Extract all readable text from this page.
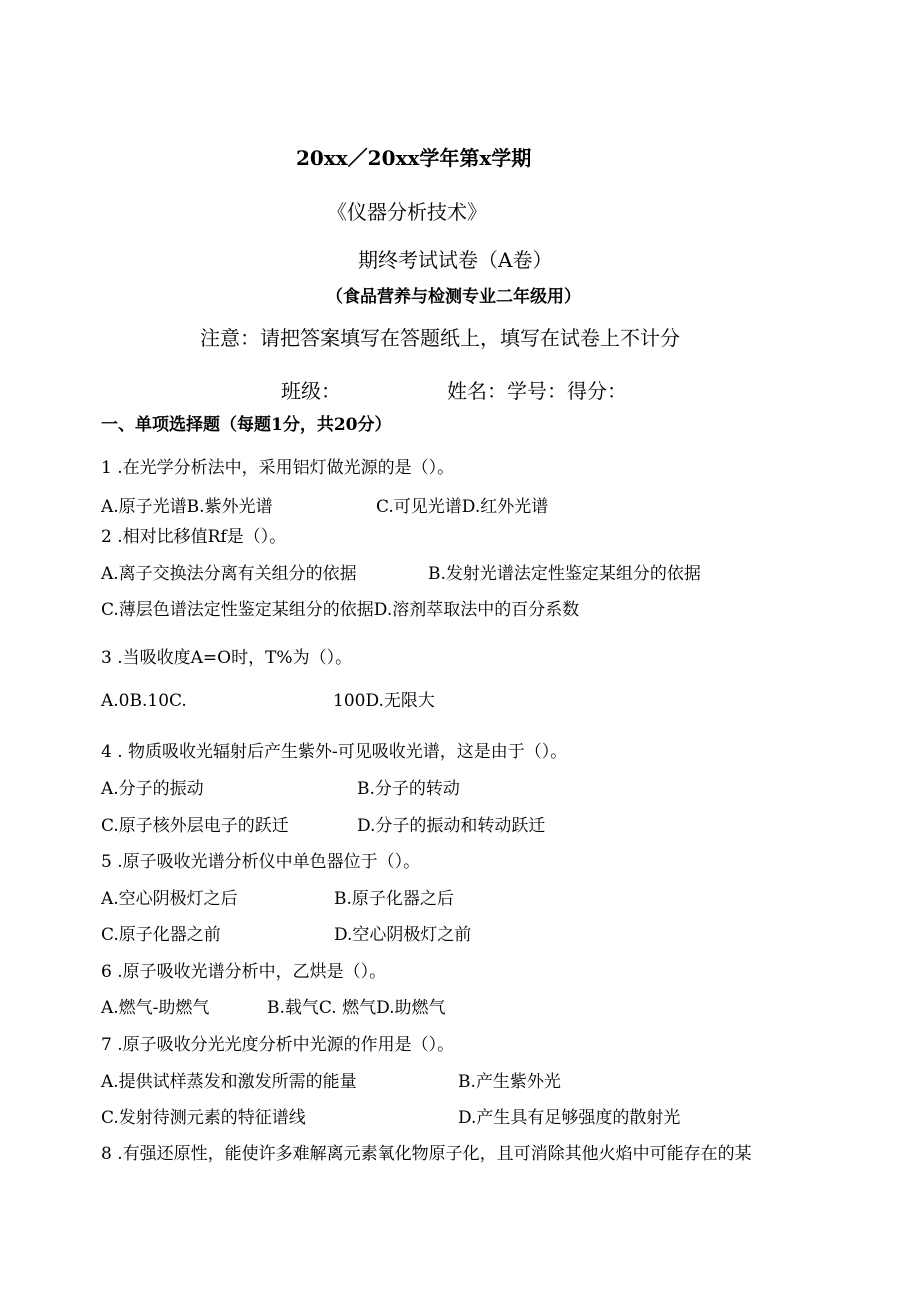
20xx／20xx学年第x学期
《仪器分析技术》
期终考试试卷（A卷）
（食品营养与检测专业二年级用）
注意：请把答案填写在答题纸上，填写在试卷上不计分
班级：	姓名：学号：得分：
一、单项选择题（每题1分，共20分）
1 .在光学分析法中，采用铝灯做光源的是（）。
A.原子光谱B.紫外光谱	C.可见光谱D.红外光谱
2 .相对比移值Rf是（）。
A.离子交换法分离有关组分的依据	B.发射光谱法定性鉴定某组分的依据
C.薄层色谱法定性鉴定某组分的依据D.溶剂萃取法中的百分系数
3 .当吸收度A=O时，T%为（）。
A.0B.10C.	100D.无限大
4 . 物质吸收光辐射后产生紫外-可见吸收光谱，这是由于（）。
A.分子的振动	B.分子的转动
C.原子核外层电子的跃迁	D.分子的振动和转动跃迁
5 .原子吸收光谱分析仪中单色器位于（）。
A.空心阴极灯之后	B.原子化器之后
C.原子化器之前	D.空心阴极灯之前
6 .原子吸收光谱分析中，乙烘是（）。
A.燃气-助燃气	B.载气C. 燃气D.助燃气
7 .原子吸收分光光度分析中光源的作用是（）。
A.提供试样蒸发和激发所需的能量	B.产生紫外光
C.发射待测元素的特征谱线	D.产生具有足够强度的散射光
8 .有强还原性，能使许多难解离元素氧化物原子化，且可消除其他火焰中可能存在的某
